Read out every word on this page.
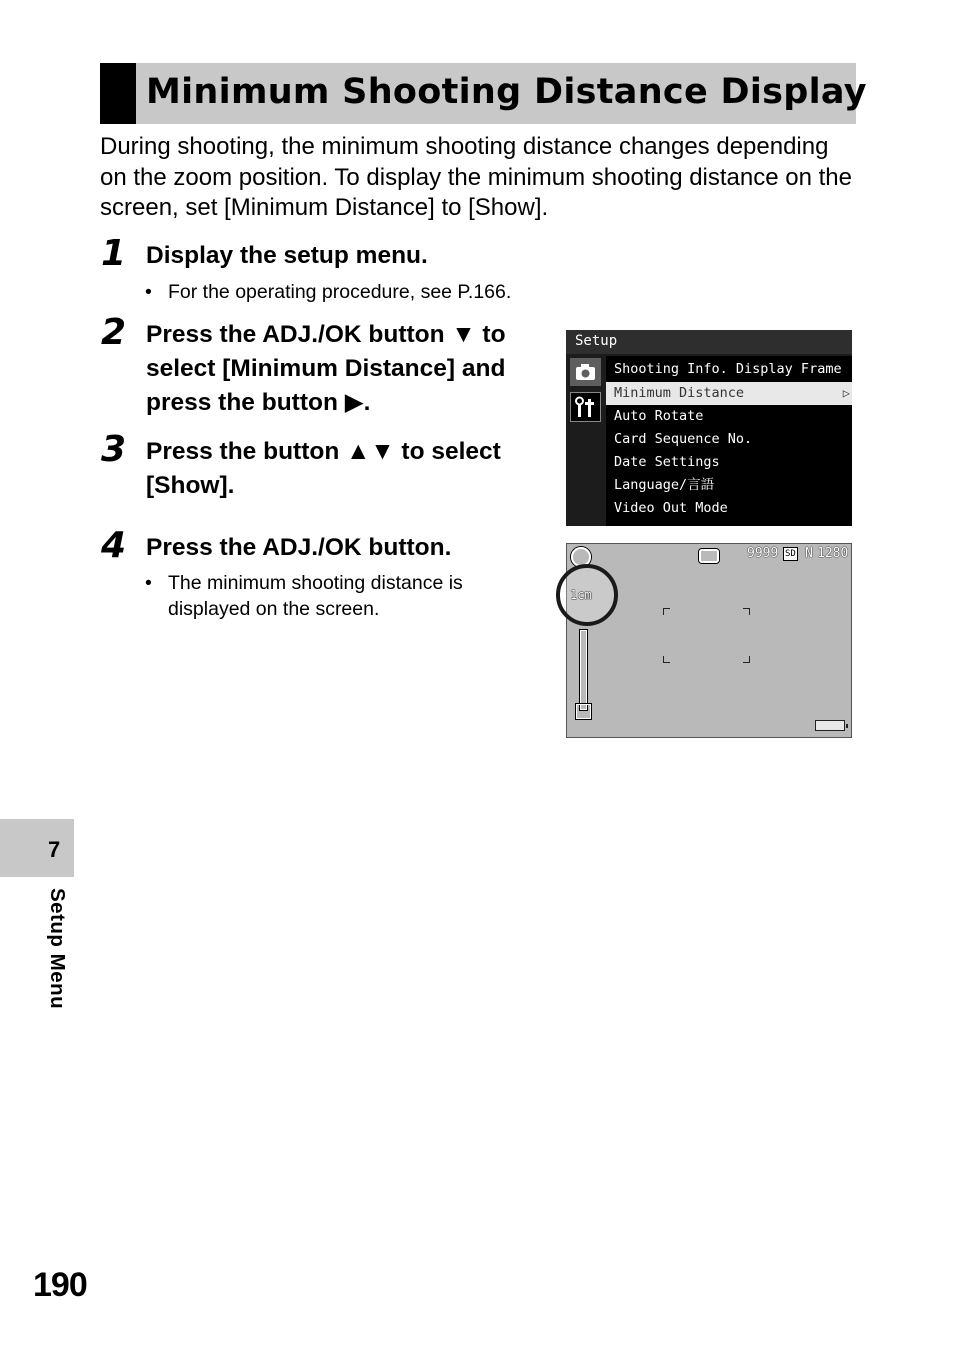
Minimum Shooting Distance Display
During shooting, the minimum shooting distance changes depending on the zoom position. To display the minimum shooting distance on the screen, set [Minimum Distance] to [Show].
1 Display the setup menu.
• For the operating procedure, see P.166.
2 Press the ADJ./OK button ▼ to
select [Minimum Distance] and
press the button ▶.
3 Press the button ▲▼ to select
[Show].
4 Press the ADJ./OK button.
• The minimum shooting distance is
displayed on the screen.
Setup
Shooting Info. Display Frame
Minimum Distance	▷
Auto Rotate
Card Sequence No.
Date Settings
Language/言語
Video Out Mode
9999 SD N 1280
1cm
7
Setup Menu
190
